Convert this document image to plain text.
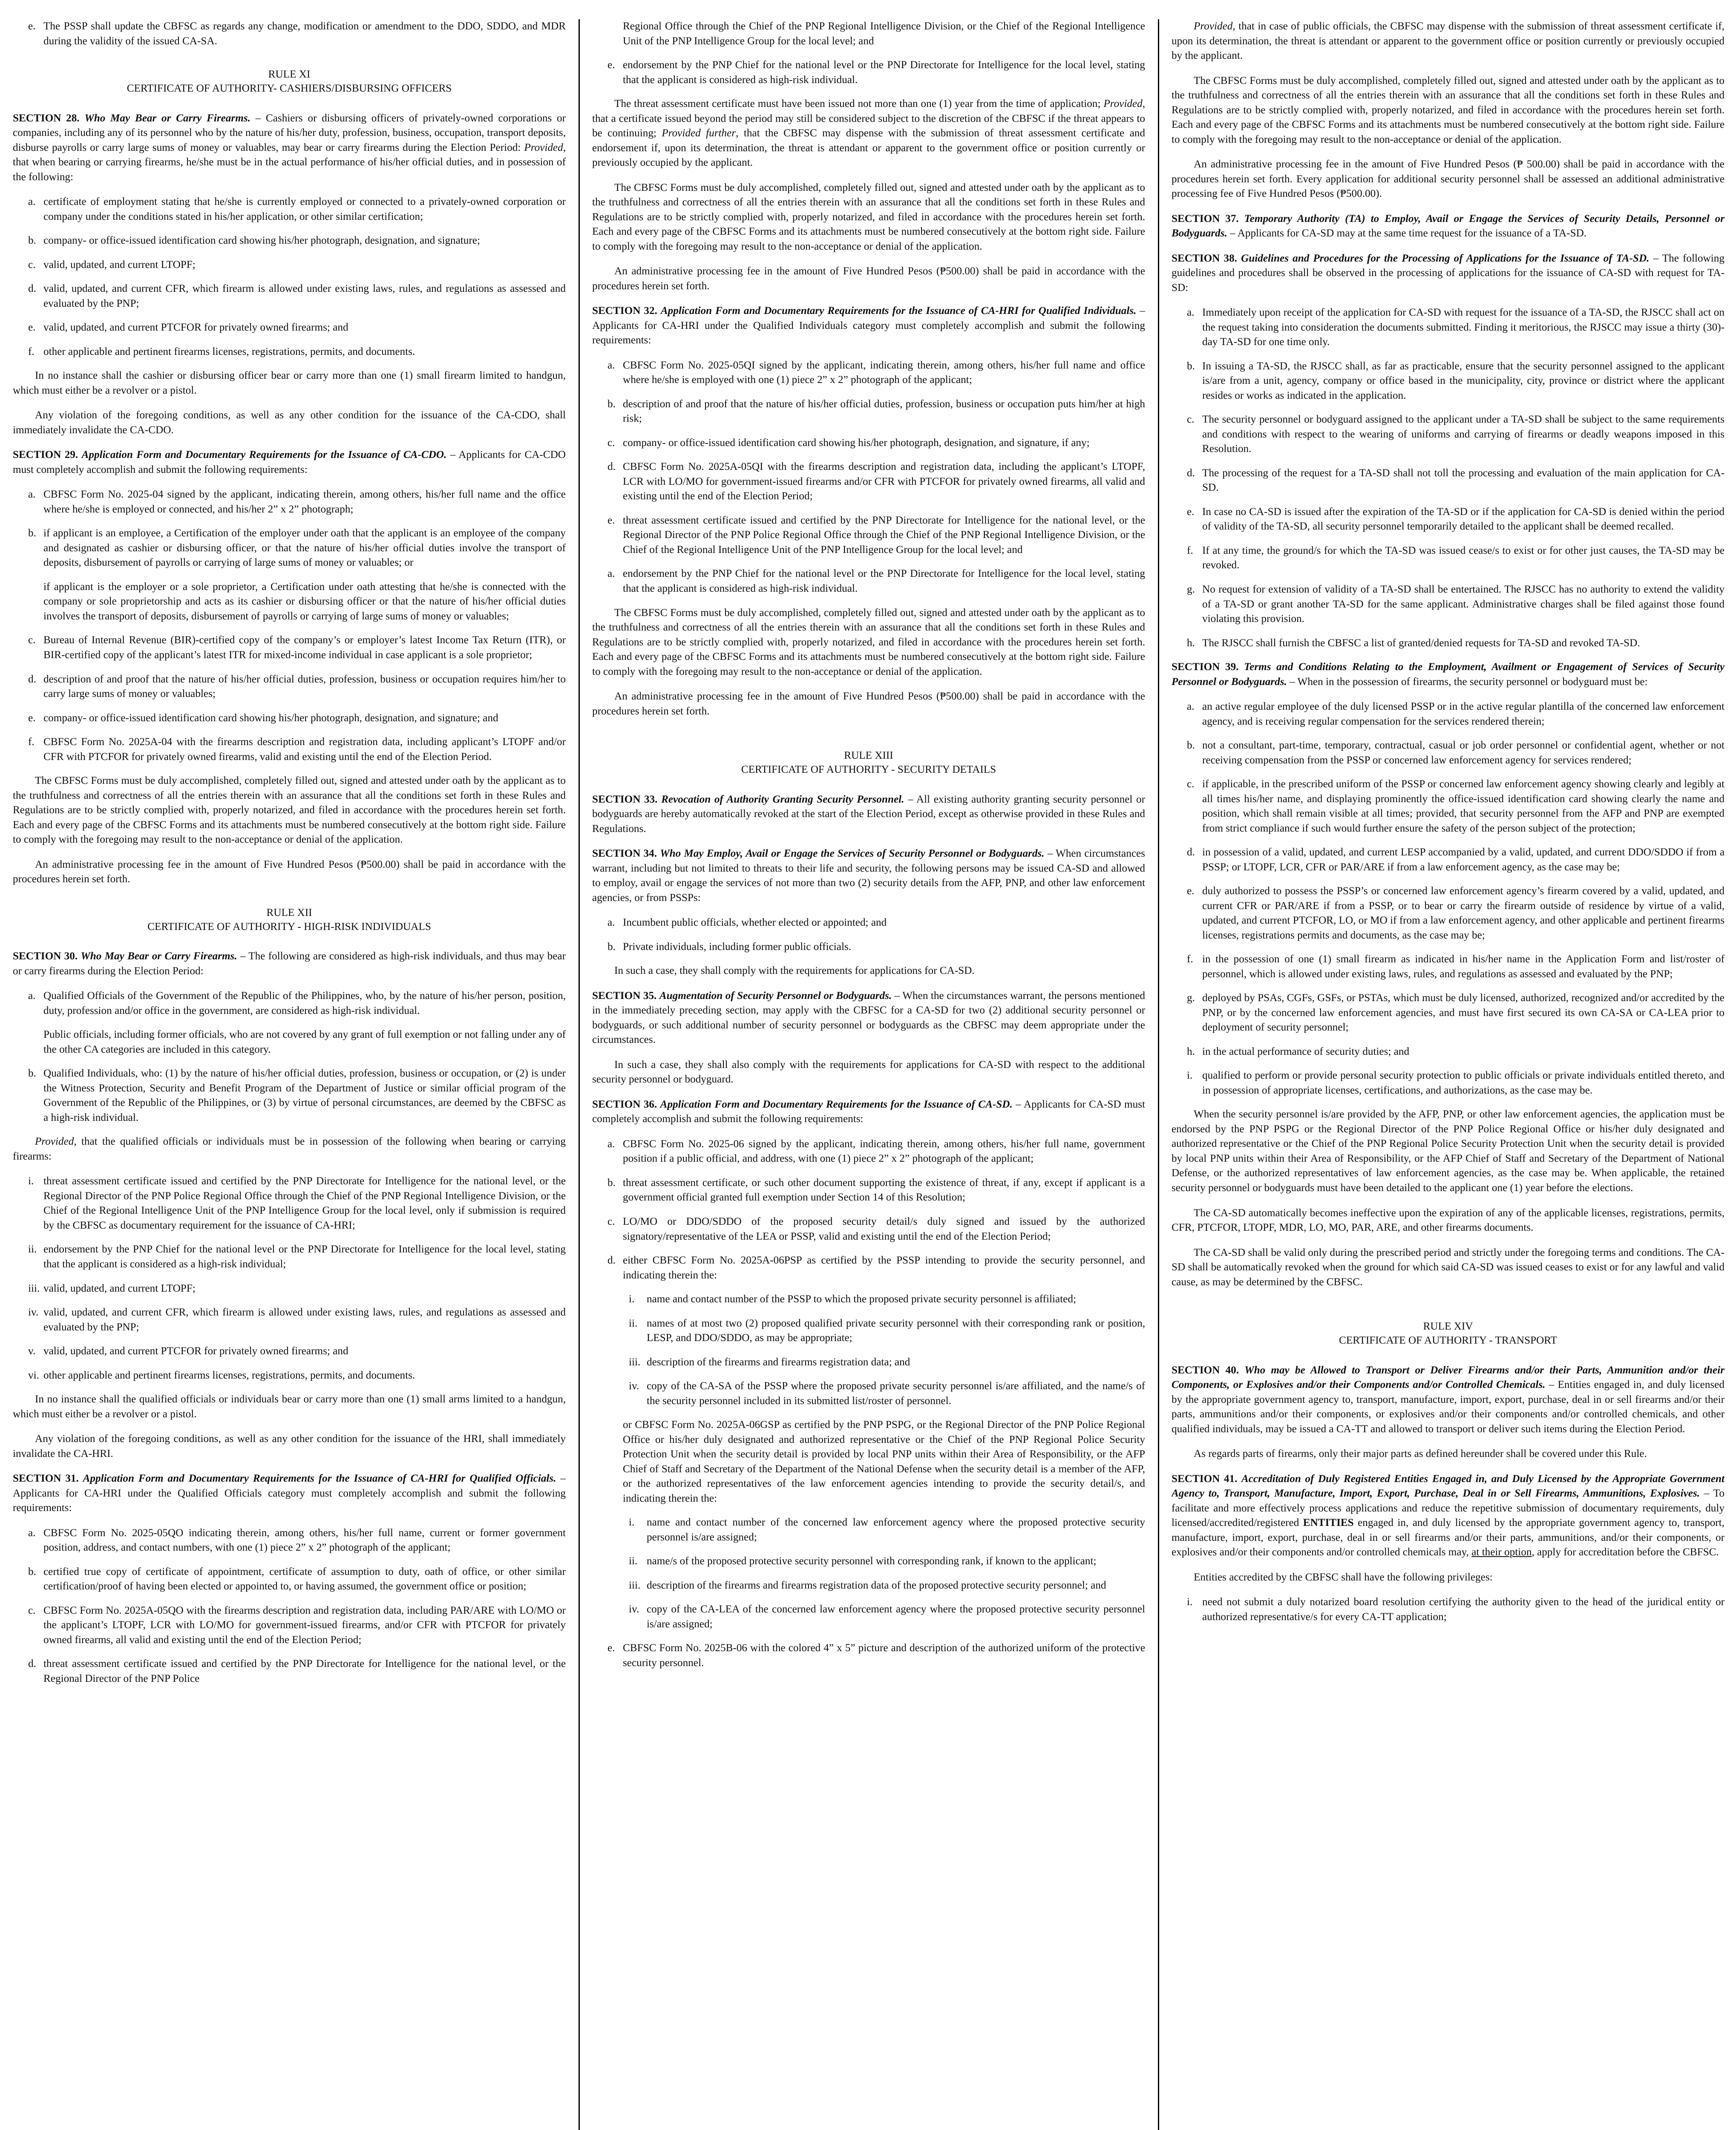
e. The PSSP shall update the CBFSC as regards any change, modification or amendment to the DDO, SDDO, and MDR during the validity of the issued CA-SA.
RULE XI
CERTIFICATE OF AUTHORITY- CASHIERS/DISBURSING OFFICERS

SECTION 28. Who May Bear or Carry Firearms. – Cashiers or disbursing officers of privately-owned corporations or companies, including any of its personnel who by the nature of his/her duty, profession, business, occupation, transport deposits, disburse payrolls or carry large sums of money or valuables, may bear or carry firearms during the Election Period: Provided, that when bearing or carrying firearms, he/she must be in the actual performance of his/her official duties, and in possession of the following:

a. certificate of employment stating that he/she is currently employed or connected to a privately-owned corporation or company under the conditions stated in his/her application, or other similar certification;
b. company- or office-issued identification card showing his/her photograph, designation, and signature;
c. valid, updated, and current LTOPF;
d. valid, updated, and current CFR, which firearm is allowed under existing laws, rules, and regulations as assessed and evaluated by the PNP;
e. valid, updated, and current PTCFOR for privately owned firearms; and
f. other applicable and pertinent firearms licenses, registrations, permits, and documents.

In no instance shall the cashier or disbursing officer bear or carry more than one (1) small firearm limited to handgun, which must either be a revolver or a pistol.

Any violation of the foregoing conditions, as well as any other condition for the issuance of the CA-CDO, shall immediately invalidate the CA-CDO.

SECTION 29. Application Form and Documentary Requirements for the Issuance of CA-CDO. – Applicants for CA-CDO must completely accomplish and submit the following requirements:

a. CBFSC Form No. 2025-04 signed by the applicant, indicating therein, among others, his/her full name and the office where he/she is employed or connected, and his/her 2” x 2” photograph;
b. if applicant is an employee, a Certification of the employer under oath that the applicant is an employee of the company and designated as cashier or disbursing officer, or that the nature of his/her official duties involve the transport of deposits, disbursement of payrolls or carrying of large sums of money or valuables; or
if applicant is the employer or a sole proprietor, a Certification under oath attesting that he/she is connected with the company or sole proprietorship and acts as its cashier or disbursing officer or that the nature of his/her official duties involves the transport of deposits, disbursement of payrolls or carrying of large sums of money or valuables;
c. Bureau of Internal Revenue (BIR)-certified copy of the company’s or employer’s latest Income Tax Return (ITR), or BIR-certified copy of the applicant’s latest ITR for mixed-income individual in case applicant is a sole proprietor;
d. description of and proof that the nature of his/her official duties, profession, business or occupation requires him/her to carry large sums of money or valuables;
e. company- or office-issued identification card showing his/her photograph, designation, and signature; and
f. CBFSC Form No. 2025A-04 with the firearms description and registration data, including applicant’s LTOPF and/or CFR with PTCFOR for privately owned firearms, valid and existing until the end of the Election Period.

The CBFSC Forms must be duly accomplished, completely filled out, signed and attested under oath by the applicant as to the truthfulness and correctness of all the entries therein with an assurance that all the conditions set forth in these Rules and Regulations are to be strictly complied with, properly notarized, and filed in accordance with the procedures herein set forth. Each and every page of the CBFSC Forms and its attachments must be numbered consecutively at the bottom right side. Failure to comply with the foregoing may result to the non-acceptance or denial of the application.

An administrative processing fee in the amount of Five Hundred Pesos (₱500.00) shall be paid in accordance with the procedures herein set forth.

RULE XII
CERTIFICATE OF AUTHORITY - HIGH-RISK INDIVIDUALS

SECTION 30. Who May Bear or Carry Firearms. – The following are considered as high-risk individuals, and thus may bear or carry firearms during the Election Period:

a. Qualified Officials of the Government of the Republic of the Philippines, who, by the nature of his/her person, position, duty, profession and/or office in the government, are considered as high-risk individual.
Public officials, including former officials, who are not covered by any grant of full exemption or not falling under any of the other CA categories are included in this category.
b. Qualified Individuals, who: (1) by the nature of his/her official duties, profession, business or occupation, or (2) is under the Witness Protection, Security and Benefit Program of the Department of Justice or similar official program of the Government of the Republic of the Philippines, or (3) by virtue of personal circumstances, are deemed by the CBFSC as a high-risk individual.

Provided, that the qualified officials or individuals must be in possession of the following when bearing or carrying firearms:

i. threat assessment certificate issued and certified by the PNP Directorate for Intelligence for the national level, or the Regional Director of the PNP Police Regional Office through the Chief of the PNP Regional Intelligence Division, or the Chief of the Regional Intelligence Unit of the PNP Intelligence Group for the local level, only if submission is required by the CBFSC as documentary requirement for the issuance of CA-HRI;
ii. endorsement by the PNP Chief for the national level or the PNP Directorate for Intelligence for the local level, stating that the applicant is considered as a high-risk individual;
iii. valid, updated, and current LTOPF;
iv. valid, updated, and current CFR, which firearm is allowed under existing laws, rules, and regulations as assessed and evaluated by the PNP;
v. valid, updated, and current PTCFOR for privately owned firearms; and
vi. other applicable and pertinent firearms licenses, registrations, permits, and documents.

In no instance shall the qualified officials or individuals bear or carry more than one (1) small arms limited to a handgun, which must either be a revolver or a pistol.

Any violation of the foregoing conditions, as well as any other condition for the issuance of the HRI, shall immediately invalidate the CA-HRI.

SECTION 31. Application Form and Documentary Requirements for the Issuance of CA-HRI for Qualified Officials. – Applicants for CA-HRI under the Qualified Officials category must completely accomplish and submit the following requirements:

a. CBFSC Form No. 2025-05QO indicating therein, among others, his/her full name, current or former government position, address, and contact numbers, with one (1) piece 2” x 2” photograph of the applicant;
b. certified true copy of certificate of appointment, certificate of assumption to duty, oath of office, or other similar certification/proof of having been elected or appointed to, or having assumed, the government office or position;
c. CBFSC Form No. 2025A-05QO with the firearms description and registration data, including PAR/ARE with LO/MO or the applicant’s LTOPF, LCR with LO/MO for government-issued firearms, and/or CFR with PTCFOR for privately owned firearms, all valid and existing until the end of the Election Period;
d. threat assessment certificate issued and certified by the PNP Directorate for Intelligence for the national level, or the Regional Director of the PNP Police
Regional Office through the Chief of the PNP Regional Intelligence Division, or the Chief of the Regional Intelligence Unit of the PNP Intelligence Group for the local level; and
e. endorsement by the PNP Chief for the national level or the PNP Directorate for Intelligence for the local level, stating that the applicant is considered as high-risk individual.

The threat assessment certificate must have been issued not more than one (1) year from the time of application; Provided, that a certificate issued beyond the period may still be considered subject to the discretion of the CBFSC if the threat appears to be continuing; Provided further, that the CBFSC may dispense with the submission of threat assessment certificate and endorsement if, upon its determination, the threat is attendant or apparent to the government office or position currently or previously occupied by the applicant.

The CBFSC Forms must be duly accomplished, completely filled out, signed and attested under oath by the applicant as to the truthfulness and correctness of all the entries therein with an assurance that all the conditions set forth in these Rules and Regulations are to be strictly complied with, properly notarized, and filed in accordance with the procedures herein set forth. Each and every page of the CBFSC Forms and its attachments must be numbered consecutively at the bottom right side. Failure to comply with the foregoing may result to the non-acceptance or denial of the application.

An administrative processing fee in the amount of Five Hundred Pesos (₱500.00) shall be paid in accordance with the procedures herein set forth.

SECTION 32. Application Form and Documentary Requirements for the Issuance of CA-HRI for Qualified Individuals. – Applicants for CA-HRI under the Qualified Individuals category must completely accomplish and submit the following requirements:

a. CBFSC Form No. 2025-05QI signed by the applicant, indicating therein, among others, his/her full name and office where he/she is employed with one (1) piece 2” x 2” photograph of the applicant;
b. description of and proof that the nature of his/her official duties, profession, business or occupation puts him/her at high risk;
c. company- or office-issued identification card showing his/her photograph, designation, and signature, if any;
d. CBFSC Form No. 2025A-05QI with the firearms description and registration data, including the applicant’s LTOPF, LCR with LO/MO for government-issued firearms and/or CFR with PTCFOR for privately owned firearms, all valid and existing until the end of the Election Period;
e. threat assessment certificate issued and certified by the PNP Directorate for Intelligence for the national level, or the Regional Director of the PNP Police Regional Office through the Chief of the PNP Regional Intelligence Division, or the Chief of the Regional Intelligence Unit of the PNP Intelligence Group for the local level; and
a. endorsement by the PNP Chief for the national level or the PNP Directorate for Intelligence for the local level, stating that the applicant is considered as high-risk individual.

The CBFSC Forms must be duly accomplished, completely filled out, signed and attested under oath by the applicant as to the truthfulness and correctness of all the entries therein with an assurance that all the conditions set forth in these Rules and Regulations are to be strictly complied with, properly notarized, and filed in accordance with the procedures herein set forth. Each and every page of the CBFSC Forms and its attachments must be numbered consecutively at the bottom right side. Failure to comply with the foregoing may result to the non-acceptance or denial of the application.

An administrative processing fee in the amount of Five Hundred Pesos (₱500.00) shall be paid in accordance with the procedures herein set forth.

RULE XIII
CERTIFICATE OF AUTHORITY - SECURITY DETAILS

SECTION 33. Revocation of Authority Granting Security Personnel. – All existing authority granting security personnel or bodyguards are hereby automatically revoked at the start of the Election Period, except as otherwise provided in these Rules and Regulations.

SECTION 34. Who May Employ, Avail or Engage the Services of Security Personnel or Bodyguards. – When circumstances warrant, including but not limited to threats to their life and security, the following persons may be issued CA-SD and allowed to employ, avail or engage the services of not more than two (2) security details from the AFP, PNP, and other law enforcement agencies, or from PSSPs:

a. Incumbent public officials, whether elected or appointed; and
b. Private individuals, including former public officials.

In such a case, they shall comply with the requirements for applications for CA-SD.

SECTION 35. Augmentation of Security Personnel or Bodyguards. – When the circumstances warrant, the persons mentioned in the immediately preceding section, may apply with the CBFSC for a CA-SD for two (2) additional security personnel or bodyguards, or such additional number of security personnel or bodyguards as the CBFSC may deem appropriate under the circumstances.

In such a case, they shall also comply with the requirements for applications for CA-SD with respect to the additional security personnel or bodyguard.

SECTION 36. Application Form and Documentary Requirements for the Issuance of CA-SD. – Applicants for CA-SD must completely accomplish and submit the following requirements:

a. CBFSC Form No. 2025-06 signed by the applicant, indicating therein, among others, his/her full name, government position if a public official, and address, with one (1) piece 2” x 2” photograph of the applicant;
b. threat assessment certificate, or such other document supporting the existence of threat, if any, except if applicant is a government official granted full exemption under Section 14 of this Resolution;
c. LO/MO or DDO/SDDO of the proposed security detail/s duly signed and issued by the authorized signatory/representative of the LEA or PSSP, valid and existing until the end of the Election Period;
d. either CBFSC Form No. 2025A-06PSP as certified by the PSSP intending to provide the security personnel, and indicating therein the:
i.	name and contact number of the PSSP to which the proposed private security personnel is affiliated;
ii. names of at most two (2) proposed qualified private security personnel with their corresponding rank or position, LESP, and DDO/SDDO, as may be appropriate;
iii. description of the firearms and firearms registration data; and
iv. copy of the CA-SA of the PSSP where the proposed private security personnel is/are affiliated, and the name/s of the security personnel included in its submitted list/roster of personnel.
or CBFSC Form No. 2025A-06GSP as certified by the PNP PSPG, or the Regional Director of the PNP Police Regional Office or his/her duly designated and authorized representative or the Chief of the PNP Regional Police Security Protection Unit when the security detail is provided by local PNP units within their Area of Responsibility, or the AFP Chief of Staff and Secretary of the Department of the National Defense when the security detail is a member of the AFP, or the authorized representatives of the law enforcement agencies intending to provide the security detail/s, and indicating therein the:
i.	name and contact number of the concerned law enforcement agency where the proposed protective security personnel is/are assigned;
ii. name/s of the proposed protective security personnel with corresponding rank, if known to the applicant;
iii. description of the firearms and firearms registration data of the proposed protective security personnel; and
iv. copy of the CA-LEA of the concerned law enforcement agency where the proposed protective security personnel is/are assigned;
e. CBFSC Form No. 2025B-06 with the colored 4” x 5” picture and description of the authorized uniform of the protective security personnel.

Provided, that in case of public officials, the CBFSC may dispense with the submission of threat assessment certificate if, upon its determination, the threat is attendant or apparent to the government office or position currently or previously occupied by the applicant.

The CBFSC Forms must be duly accomplished, completely filled out, signed and attested under oath by the applicant as to the truthfulness and correctness of all the entries therein with an assurance that all the conditions set forth in these Rules and Regulations are to be strictly complied with, properly notarized, and filed in accordance with the procedures herein set forth. Each and every page of the CBFSC Forms and its attachments must be numbered consecutively at the bottom right side. Failure to comply with the foregoing may result to the non-acceptance or denial of the application.

An administrative processing fee in the amount of Five Hundred Pesos (₱ 500.00) shall be paid in accordance with the procedures herein set forth. Every application for additional security personnel shall be assessed an additional administrative processing fee of Five Hundred Pesos (₱500.00).

SECTION 37. Temporary Authority (TA) to Employ, Avail or Engage the Services of Security Details, Personnel or Bodyguards. – Applicants for CA-SD may at the same time request for the issuance of a TA-SD.

SECTION 38. Guidelines and Procedures for the Processing of Applications for the Issuance of TA-SD. – The following guidelines and procedures shall be observed in the processing of applications for the issuance of CA-SD with request for TA-SD:

a. Immediately upon receipt of the application for CA-SD with request for the issuance of a TA-SD, the RJSCC shall act on the request taking into consideration the documents submitted. Finding it meritorious, the RJSCC may issue a thirty (30)-day TA-SD for one time only.
b. In issuing a TA-SD, the RJSCC shall, as far as practicable, ensure that the security personnel assigned to the applicant is/are from a unit, agency, company or office based in the municipality, city, province or district where the applicant resides or works as indicated in the application.
c. The security personnel or bodyguard assigned to the applicant under a TA-SD shall be subject to the same requirements and conditions with respect to the wearing of uniforms and carrying of firearms or deadly weapons imposed in this Resolution.
d. The processing of the request for a TA-SD shall not toll the processing and evaluation of the main application for CA-SD.
e. In case no CA-SD is issued after the expiration of the TA-SD or if the application for CA-SD is denied within the period of validity of the TA-SD, all security personnel temporarily detailed to the applicant shall be deemed recalled.
f. If at any time, the ground/s for which the TA-SD was issued cease/s to exist or for other just causes, the TA-SD may be revoked.
g. No request for extension of validity of a TA-SD shall be entertained. The RJSCC has no authority to extend the validity of a TA-SD or grant another TA-SD for the same applicant. Administrative charges shall be filed against those found violating this provision.
h. The RJSCC shall furnish the CBFSC a list of granted/denied requests for TA-SD and revoked TA-SD.

SECTION 39. Terms and Conditions Relating to the Employment, Availment or Engagement of Services of Security Personnel or Bodyguards. – When in the possession of firearms, the security personnel or bodyguard must be:

a. an active regular employee of the duly licensed PSSP or in the active regular plantilla of the concerned law enforcement agency, and is receiving regular compensation for the services rendered therein;
b. not a consultant, part-time, temporary, contractual, casual or job order personnel or confidential agent, whether or not receiving compensation from the PSSP or concerned law enforcement agency for services rendered;
c. if applicable, in the prescribed uniform of the PSSP or concerned law enforcement agency showing clearly and legibly at all times his/her name, and displaying prominently the office-issued identification card showing clearly the name and position, which shall remain visible at all times; provided, that security personnel from the AFP and PNP are exempted from strict compliance if such would further ensure the safety of the person subject of the protection;
d. in possession of a valid, updated, and current LESP accompanied by a valid, updated, and current DDO/SDDO if from a PSSP; or LTOPF, LCR, CFR or PAR/ARE if from a law enforcement agency, as the case may be;
e. duly authorized to possess the PSSP’s or concerned law enforcement agency’s firearm covered by a valid, updated, and current CFR or PAR/ARE if from a PSSP, or to bear or carry the firearm outside of residence by virtue of a valid, updated, and current PTCFOR, LO, or MO if from a law enforcement agency, and other applicable and pertinent firearms licenses, registrations permits and documents, as the case may be;
f. in the possession of one (1) small firearm as indicated in his/her name in the Application Form and list/roster of personnel, which is allowed under existing laws, rules, and regulations as assessed and evaluated by the PNP;
g. deployed by PSAs, CGFs, GSFs, or PSTAs, which must be duly licensed, authorized, recognized and/or accredited by the PNP, or by the concerned law enforcement agencies, and must have first secured its own CA-SA or CA-LEA prior to deployment of security personnel;
h. in the actual performance of security duties; and
i. qualified to perform or provide personal security protection to public officials or private individuals entitled thereto, and in possession of appropriate licenses, certifications, and authorizations, as the case may be.

When the security personnel is/are provided by the AFP, PNP, or other law enforcement agencies, the application must be endorsed by the PNP PSPG or the Regional Director of the PNP Police Regional Office or his/her duly designated and authorized representative or the Chief of the PNP Regional Police Security Protection Unit when the security detail is provided by local PNP units within their Area of Responsibility, or the AFP Chief of Staff and Secretary of the Department of National Defense, or the authorized representatives of law enforcement agencies, as the case may be. When applicable, the retained security personnel or bodyguards must have been detailed to the applicant one (1) year before the elections.

The CA-SD automatically becomes ineffective upon the expiration of any of the applicable licenses, registrations, permits, CFR, PTCFOR, LTOPF, MDR, LO, MO, PAR, ARE, and other firearms documents.

The CA-SD shall be valid only during the prescribed period and strictly under the foregoing terms and conditions. The CA-SD shall be automatically revoked when the ground for which said CA-SD was issued ceases to exist or for any lawful and valid cause, as may be determined by the CBFSC.

RULE XIV
CERTIFICATE OF AUTHORITY - TRANSPORT

SECTION 40. Who may be Allowed to Transport or Deliver Firearms and/or their Parts, Ammunition and/or their Components, or Explosives and/or their Components and/or Controlled Chemicals. – Entities engaged in, and duly licensed by the appropriate government agency to, transport, manufacture, import, export, purchase, deal in or sell firearms and/or their parts, ammunitions and/or their components, or explosives and/or their components and/or controlled chemicals, and other qualified individuals, may be issued a CA-TT and allowed to transport or deliver such items during the Election Period.

As regards parts of firearms, only their major parts as defined hereunder shall be covered under this Rule.

SECTION 41. Accreditation of Duly Registered Entities Engaged in, and Duly Licensed by the Appropriate Government Agency to, Transport, Manufacture, Import, Export, Purchase, Deal in or Sell Firearms, Ammunitions, Explosives. – To facilitate and more effectively process applications and reduce the repetitive submission of documentary requirements, duly licensed/accredited/registered ENTITIES engaged in, and duly licensed by the appropriate government agency to, transport, manufacture, import, export, purchase, deal in or sell firearms and/or their parts, ammunitions, and/or their components, or explosives and/or their components and/or controlled chemicals may, at their option, apply for accreditation before the CBFSC.

Entities accredited by the CBFSC shall have the following privileges:

i. need not submit a duly notarized board resolution certifying the authority given to the head of the juridical entity or authorized representative/s for every CA-TT application;
